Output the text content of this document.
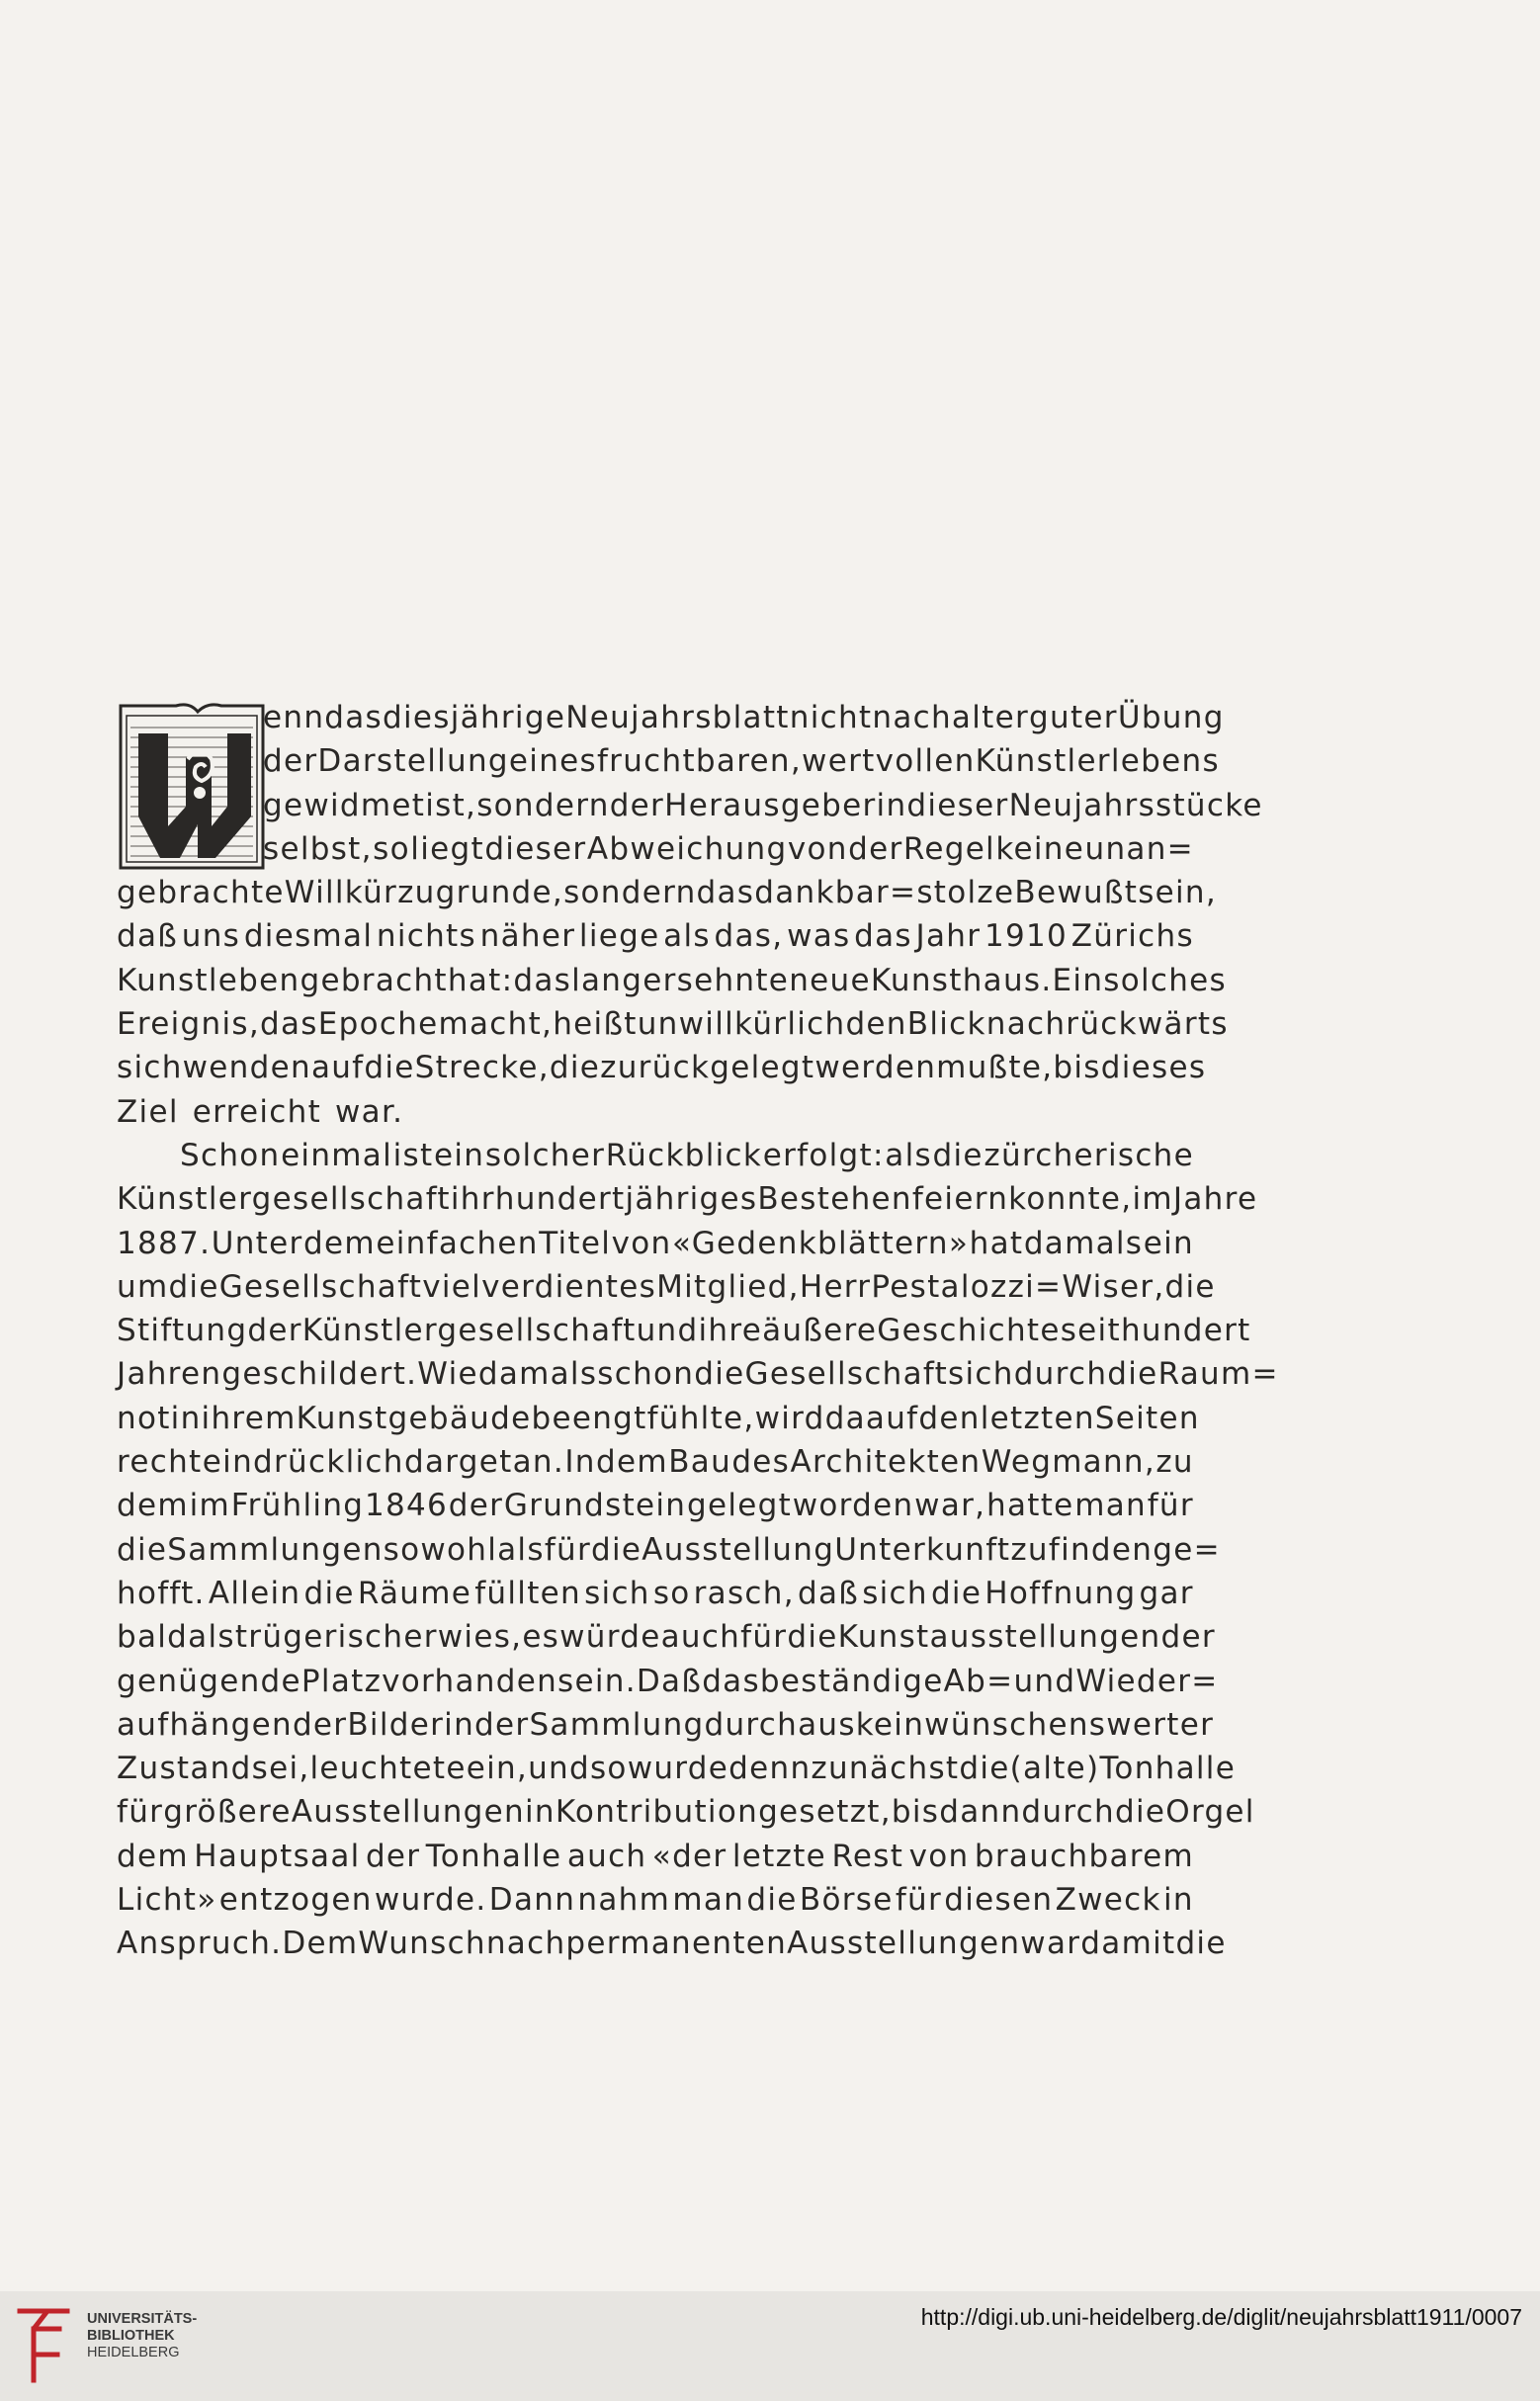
enn das diesjährige Neujahrsblatt nicht nach alter guter Übung
der Darstellung eines fruchtbaren, wertvollen Künstlerlebens
gewidmet ist, sondern der Herausgeberin dieser Neujahrsstücke
selbst, so liegt dieser Abweichung von der Regel keine unan=
gebrachte Willkür zugrunde, sondern das dankbar=stolze Bewußtsein,
daß uns diesmal nichts näher liege als das, was das Jahr 1910 Zürichs
Kunstleben gebracht hat: das langersehnte neue Kunsthaus. Ein solches
Ereignis, das Epoche macht, heißt unwillkürlich den Blick nach rückwärts
sich wenden auf die Strecke, die zurückgelegt werden mußte, bis dieses
Ziel erreicht war.
Schon einmal ist ein solcher Rückblick erfolgt: als die zürcherische
Künstlergesellschaft ihr hundertjähriges Bestehen feiern konnte, im Jahre
1887. Unter dem einfachen Titel von «Gedenkblättern» hat damals ein
um die Gesellschaft vielverdientes Mitglied, Herr Pestalozzi=Wiser, die
Stiftung der Künstlergesellschaft und ihre äußere Geschichte seit hundert
Jahren geschildert. Wie damals schon die Gesellschaft sich durch die Raum=
not in ihrem Kunstgebäude beengt fühlte, wird da auf den letzten Seiten
recht eindrücklich dargetan. In dem Bau des Architekten Wegmann, zu
dem im Frühling 1846 der Grundstein gelegt worden war, hatte man für
die Sammlungen sowohl als für die Ausstellung Unterkunft zu finden ge=
hofft. Allein die Räume füllten sich so rasch, daß sich die Hoffnung gar
bald als trügerisch erwies, es würde auch für die Kunstausstellungen der
genügende Platz vorhanden sein. Daß das beständige Ab= und Wieder=
aufhängen der Bilder in der Sammlung durchaus kein wünschenswerter
Zustand sei, leuchtete ein, und so wurde denn zunächst die (alte) Tonhalle
für größere Ausstellungen in Kontribution gesetzt, bis dann durch die Orgel
dem Hauptsaal der Tonhalle auch «der letzte Rest von brauchbarem
Licht» entzogen wurde. Dann nahm man die Börse für diesen Zweck in
Anspruch. Dem Wunsch nach permanenten Ausstellungen war damit die
UNIVERSITÄTS-
BIBLIOTHEK
HEIDELBERG
http://digi.ub.uni-heidelberg.de/diglit/neujahrsblatt1911/0007
